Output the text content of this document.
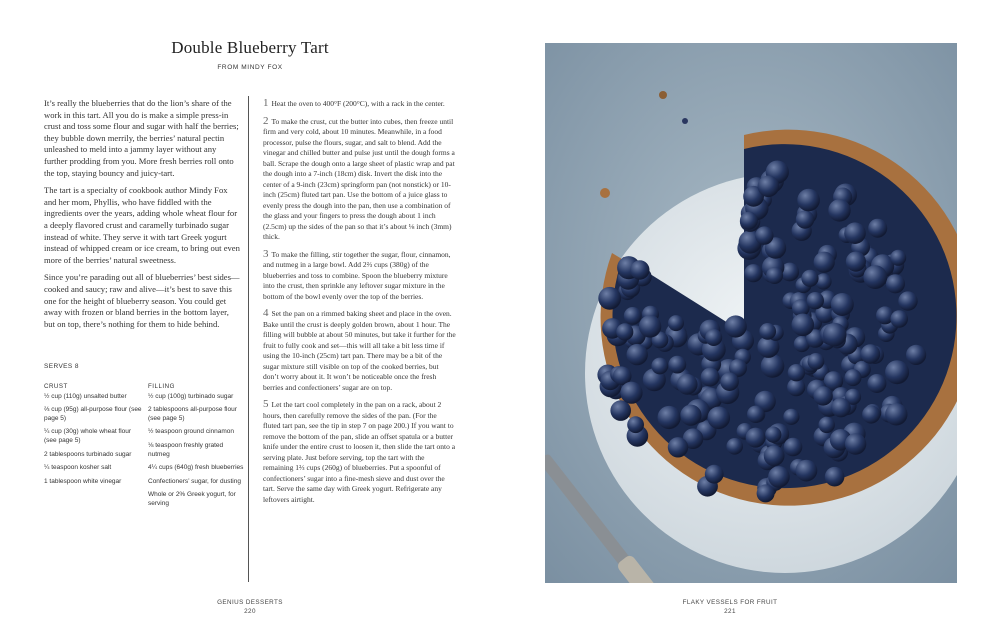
Double Blueberry Tart
FROM MINDY FOX

It’s really the blueberries that do the lion’s share of the work in this tart. All you do is make a simple press-in crust and toss some flour and sugar with half the berries; they bubble down merrily, the berries’ natural pectin unleashed to meld into a jammy layer without any further prodding from you. More fresh berries roll onto the top, staying bouncy and juicy-tart.

The tart is a specialty of cookbook author Mindy Fox and her mom, Phyllis, who have fiddled with the ingredients over the years, adding whole wheat flour for a deeply flavored crust and caramelly turbinado sugar instead of white. They serve it with tart Greek yogurt instead of whipped cream or ice cream, to bring out even more of the berries’ natural sweetness.

Since you’re parading out all of blueberries’ best sides—cooked and saucy; raw and alive—it’s best to save this one for the height of blueberry season. You could get away with frozen or bland berries in the bottom layer, but on top, there’s nothing for them to hide behind.

SERVES 8
CRUST
½ cup (110g) unsalted butter
⅔ cup (95g) all-purpose flour (see page 5)
¼ cup (30g) whole wheat flour (see page 5)
2 tablespoons turbinado sugar
¼ teaspoon kosher salt
1 tablespoon white vinegar
FILLING
½ cup (100g) turbinado sugar
2 tablespoons all-purpose flour (see page 5)
½ teaspoon ground cinnamon
⅛ teaspoon freshly grated nutmeg
4¼ cups (640g) fresh blueberries
Confectioners’ sugar, for dusting
Whole or 2% Greek yogurt, for serving

1 Heat the oven to 400°F (200°C), with a rack in the center.

2 To make the crust, cut the butter into cubes, then freeze until firm and very cold, about 10 minutes. Meanwhile, in a food processor, pulse the flours, sugar, and salt to blend. Add the vinegar and chilled butter and pulse just until the dough forms a ball. Scrape the dough onto a large sheet of plastic wrap and pat the dough into a 7-inch (18cm) disk. Invert the disk into the center of a 9-inch (23cm) springform pan (not nonstick) or 10-inch (25cm) fluted tart pan. Use the bottom of a juice glass to evenly press the dough into the pan, then use a combination of the glass and your fingers to press the dough about 1 inch (2.5cm) up the sides of the pan so that it’s about ⅛ inch (3mm) thick.

3 To make the filling, stir together the sugar, flour, cinnamon, and nutmeg in a large bowl. Add 2⅔ cups (380g) of the blueberries and toss to combine. Spoon the blueberry mixture into the crust, then sprinkle any leftover sugar mixture in the bottom of the bowl evenly over the top of the berries.

4 Set the pan on a rimmed baking sheet and place in the oven. Bake until the crust is deeply golden brown, about 1 hour. The filling will bubble at about 50 minutes, but take it further for the fruit to fully cook and set—this will all take a bit less time if using the 10-inch (25cm) tart pan. There may be a bit of the sugar mixture still visible on top of the cooked berries, but don’t worry about it. It won’t be noticeable once the fresh berries and confectioners’ sugar are on top.

5 Let the tart cool completely in the pan on a rack, about 2 hours, then carefully remove the sides of the pan. (For the fluted tart pan, see the tip in step 7 on page 200.) If you want to remove the bottom of the pan, slide an offset spatula or a butter knife under the entire crust to loosen it, then slide the tart onto a serving plate. Just before serving, top the tart with the remaining 1⅔ cups (260g) of blueberries. Put a spoonful of confectioners’ sugar into a fine-mesh sieve and dust over the tart. Serve the same day with Greek yogurt. Refrigerate any leftovers airtight.

GENIUS DESSERTS
220
FLAKY VESSELS FOR FRUIT
221
